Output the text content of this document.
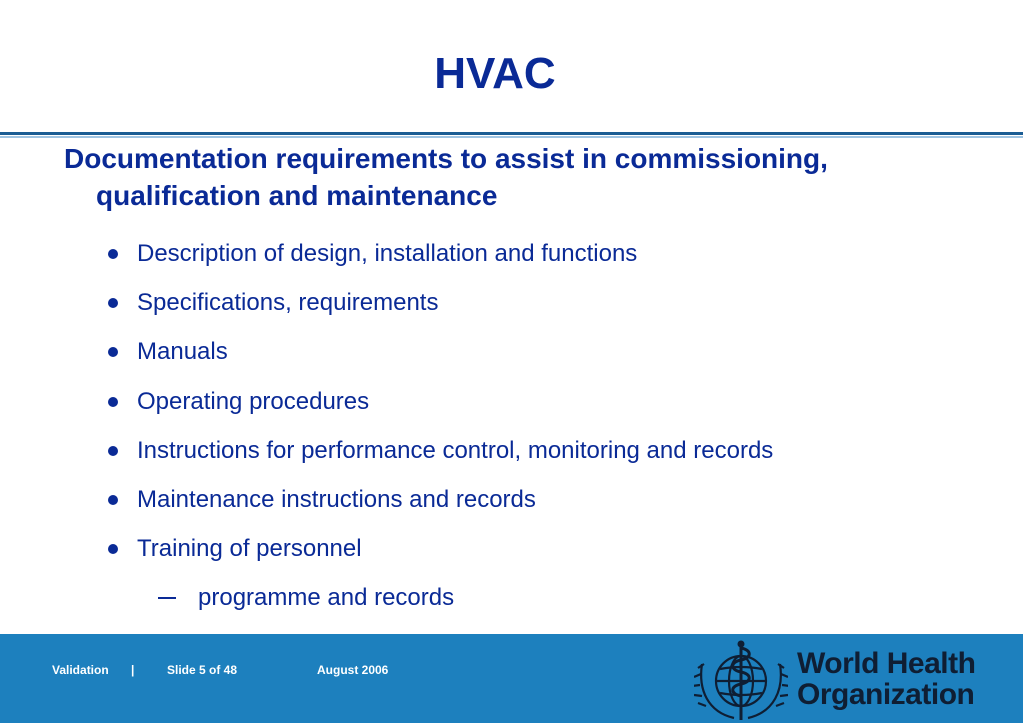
HVAC
Documentation requirements to assist in commissioning,
qualification and maintenance
Description of design, installation and functions
Specifications, requirements
Manuals
Operating procedures
Instructions for performance control, monitoring and records
Maintenance instructions and records
Training of personnel
programme and records
Validation |	Slide 5 of 48	August 2006	World Health
Organization
